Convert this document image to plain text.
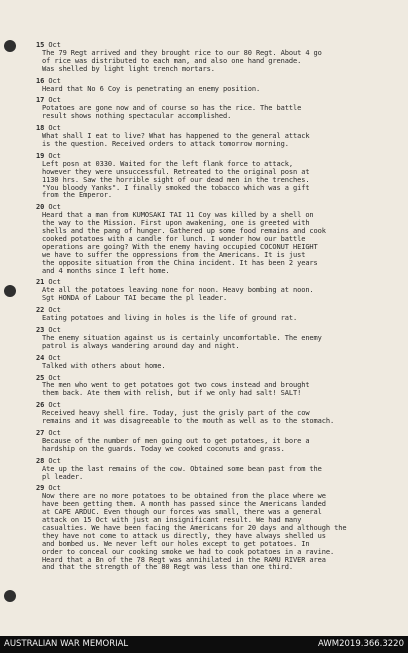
15 Oct

The 79 Regt arrived and they brought rice to our 80 Regt. About 4 go
of rice was distributed to each man, and also one hand grenade.
Was shelled by light light trench mortars.

16 Oct

Heard that No 6 Coy is penetrating an enemy position.

17 Oct

Potatoes are gone now and of course so has the rice. The battle
result shows nothing spectacular accomplished.

18 Oct

What shall I eat to live? What has happened to the general attack
is the question. Received orders to attack tomorrow morning.

19 Oct

Left posn at 0330. Waited for the left flank force to attack,
however they were unsuccessful. Retreated to the original posn at
1130 hrs. Saw the horrible sight of our dead men in the trenches.
"You bloody Yanks". I finally smoked the tobacco which was a gift
from the Emperor.

20 Oct

Heard that a man from KUMOSAKI TAI 11 Coy was killed by a shell on
the way to the Mission. First upon awakening, one is greeted with
shells and the pang of hunger. Gathered up some food remains and cook
cooked potatoes with a candle for lunch. I wonder how our battle
operations are going? With the enemy having occupied COCONUT HEIGHT
we have to suffer the oppressions from the Americans. It is just
the opposite situation from the China incident. It has been 2 years
and 4 months since I left home.

21 Oct

Ate all the potatoes leaving none for noon. Heavy bombing at noon.
Sgt HONDA of Labour TAI became the pl leader.

22 Oct

Eating potatoes and living in holes is the life of ground rat.

23 Oct

The enemy situation against us is certainly uncomfortable. The enemy
patrol is always wandering around day and night.

24 Oct

Talked with others about home.

25 Oct

The men who went to get potatoes got two cows instead and brought
them back. Ate them with relish, but if we only had salt! SALT!

26 Oct

Received heavy shell fire. Today, just the grisly part of the cow
remains and it was disagreeable to the mouth as well as to the stomach.

27 Oct

Because of the number of men going out to get potatoes, it bore a
hardship on the guards. Today we cooked coconuts and grass.

28 Oct

Ate up the last remains of the cow. Obtained some bean past from the
pl leader.

29 Oct

Now there are no more potatoes to be obtained from the place where we
have been getting them. A month has passed since the Americans landed
at CAPE ARDUC. Even though our forces was small, there was a general
attack on 15 Oct with just an insignificant result. We had many
casualties. We have been facing the Americans for 20 days and although the
they have not come to attack us directly, they have always shelled us
and bombed us. We never left our holes except to get potatoes. In
order to conceal our cooking smoke we had to cook potatoes in a ravine.
Heard that a Bn of the 78 Regt was annihilated in the RAMU RIVER area
and that the strength of the 80 Regt was less than one third.

AUSTRALIAN WAR MEMORIAL	AWM2019.366.3220
